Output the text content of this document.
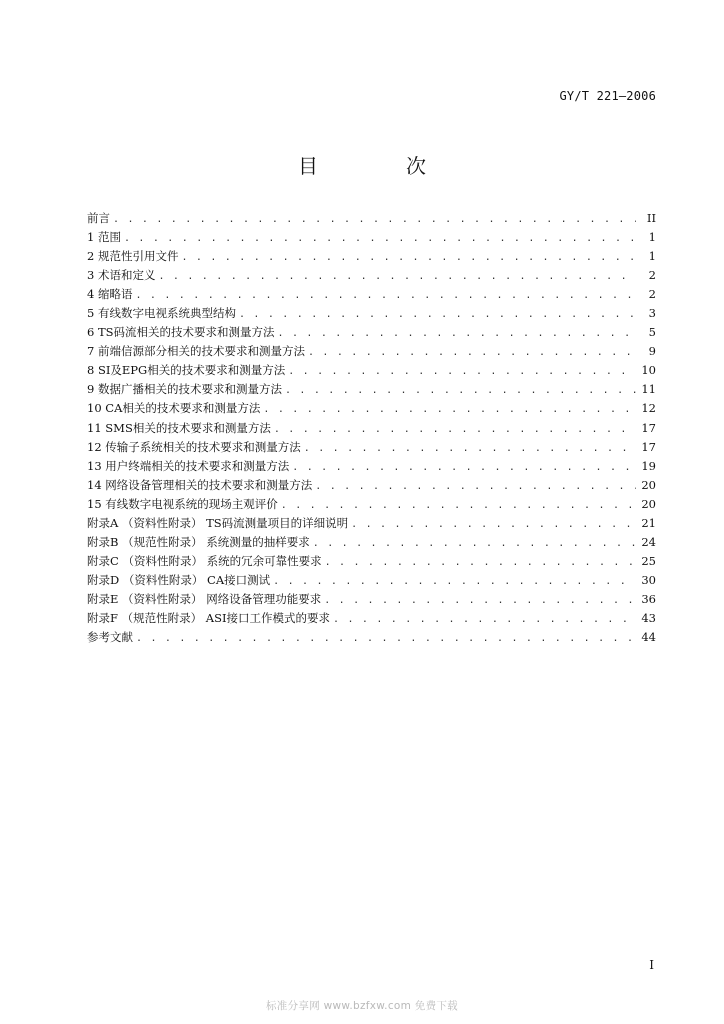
GY/T 221—2006
目　次
前言 . . .	II
1 范围 . . .	1
2 规范性引用文件 . . .	1
3 术语和定义 . . .	2
4 缩略语 . . .	2
5 有线数字电视系统典型结构 . . .	3
6 TS码流相关的技术要求和测量方法 . . .	5
7 前端信源部分相关的技术要求和测量方法 . . .	9
8 SI及EPG相关的技术要求和测量方法 . . .	10
9 数据广播相关的技术要求和测量方法 . . .	11
10 CA相关的技术要求和测量方法 . . .	12
11 SMS相关的技术要求和测量方法 . . .	17
12 传输子系统相关的技术要求和测量方法 . . .	17
13 用户终端相关的技术要求和测量方法 . . .	19
14 网络设备管理相关的技术要求和测量方法 . . .	20
15 有线数字电视系统的现场主观评价 . . .	20
附录A （资料性附录） TS码流测量项目的详细说明 . . .	21
附录B （规范性附录） 系统测量的抽样要求 . . .	24
附录C （资料性附录） 系统的冗余可靠性要求 . . .	25
附录D （资料性附录） CA接口测试 . . .	30
附录E （资料性附录） 网络设备管理功能要求 . . .	36
附录F （规范性附录） ASI接口工作模式的要求 . . .	43
参考文献 . . .	44
I
标准分享网 www.bzfxw.com 免费下载
